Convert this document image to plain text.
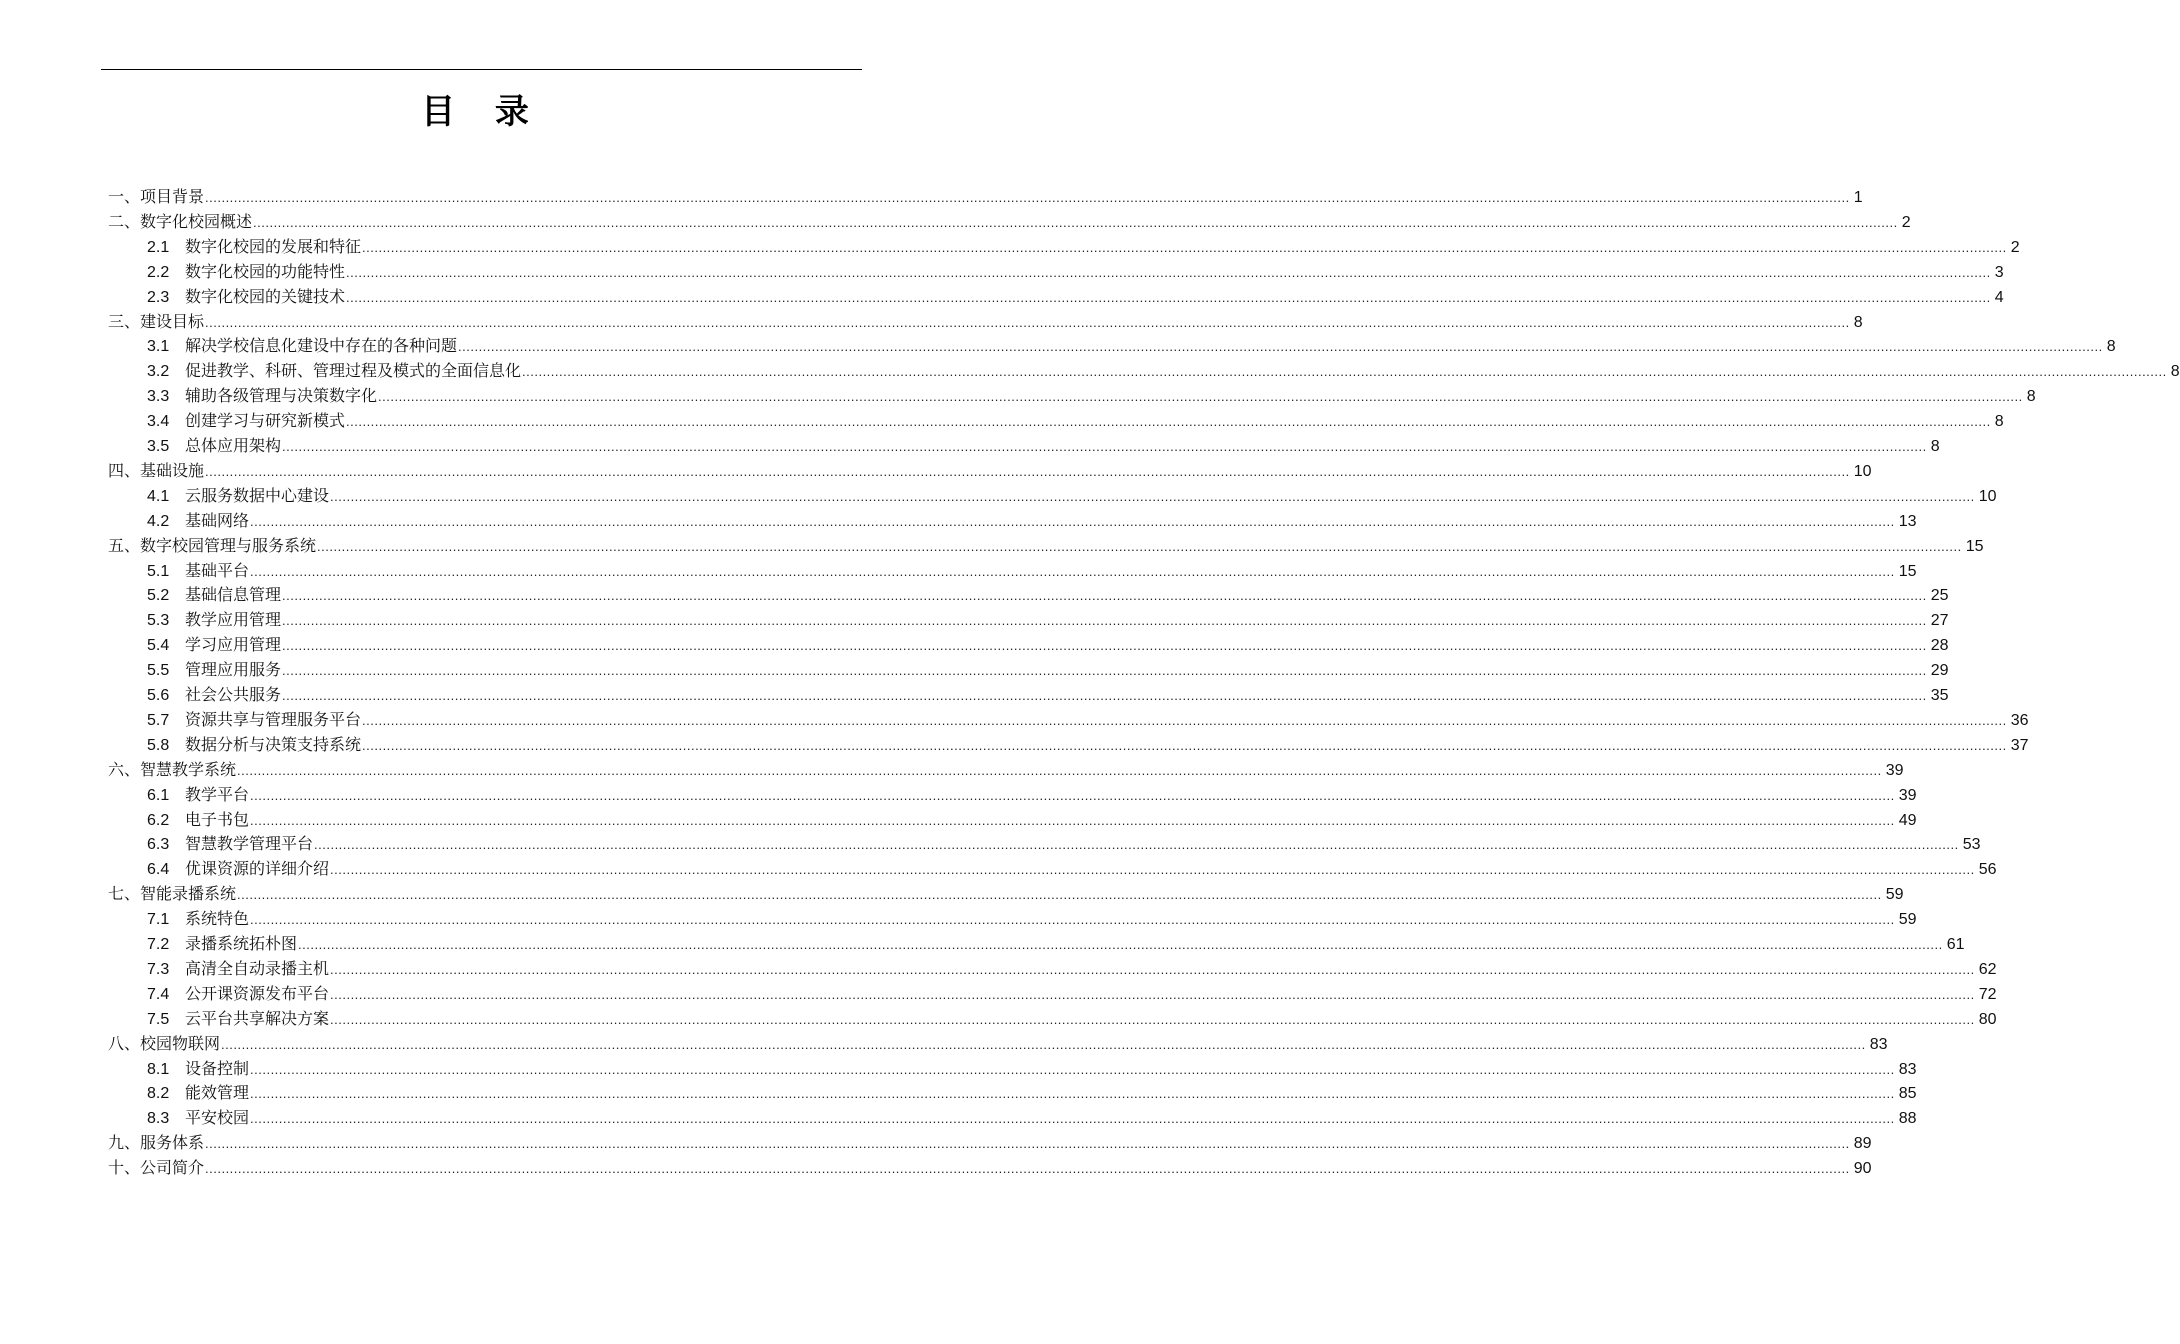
目 录
一、项目背景 ................................................................................................................................................................................................................................................................................................................................................................................................................ 1
二、数字化校园概述 ................................................................................................................................................................................................................................................................................................................................................................................................................ 2
2.1 数字化校园的发展和特征 ................................................................................................................................................................................................................................................................................................................................................................................................................ 2
2.2 数字化校园的功能特性 ................................................................................................................................................................................................................................................................................................................................................................................................................ 3
2.3 数字化校园的关键技术 ................................................................................................................................................................................................................................................................................................................................................................................................................ 4
三、建设目标 ................................................................................................................................................................................................................................................................................................................................................................................................................ 8
3.1 解决学校信息化建设中存在的各种问题 ................................................................................................................................................................................................................................................................................................................................................................................................................ 8
3.2 促进教学、科研、管理过程及模式的全面信息化 ................................................................................................................................................................................................................................................................................................................................................................................................................ 8
3.3 辅助各级管理与决策数字化 ................................................................................................................................................................................................................................................................................................................................................................................................................ 8
3.4 创建学习与研究新模式 ................................................................................................................................................................................................................................................................................................................................................................................................................ 8
3.5 总体应用架构 ................................................................................................................................................................................................................................................................................................................................................................................................................ 8
四、基础设施 ................................................................................................................................................................................................................................................................................................................................................................................................................ 10
4.1 云服务数据中心建设 ................................................................................................................................................................................................................................................................................................................................................................................................................ 10
4.2 基础网络 ................................................................................................................................................................................................................................................................................................................................................................................................................ 13
五、数字校园管理与服务系统 ................................................................................................................................................................................................................................................................................................................................................................................................................ 15
5.1 基础平台 ................................................................................................................................................................................................................................................................................................................................................................................................................ 15
5.2 基础信息管理 ................................................................................................................................................................................................................................................................................................................................................................................................................ 25
5.3 教学应用管理 ................................................................................................................................................................................................................................................................................................................................................................................................................ 27
5.4 学习应用管理 ................................................................................................................................................................................................................................................................................................................................................................................................................ 28
5.5 管理应用服务 ................................................................................................................................................................................................................................................................................................................................................................................................................ 29
5.6 社会公共服务 ................................................................................................................................................................................................................................................................................................................................................................................................................ 35
5.7 资源共享与管理服务平台 ................................................................................................................................................................................................................................................................................................................................................................................................................ 36
5.8 数据分析与决策支持系统 ................................................................................................................................................................................................................................................................................................................................................................................................................ 37
六、智慧教学系统 ................................................................................................................................................................................................................................................................................................................................................................................................................ 39
6.1 教学平台 ................................................................................................................................................................................................................................................................................................................................................................................................................ 39
6.2 电子书包 ................................................................................................................................................................................................................................................................................................................................................................................................................ 49
6.3 智慧教学管理平台 ................................................................................................................................................................................................................................................................................................................................................................................................................ 53
6.4 优课资源的详细介绍 ................................................................................................................................................................................................................................................................................................................................................................................................................ 56
七、智能录播系统 ................................................................................................................................................................................................................................................................................................................................................................................................................ 59
7.1 系统特色 ................................................................................................................................................................................................................................................................................................................................................................................................................ 59
7.2 录播系统拓朴图 ................................................................................................................................................................................................................................................................................................................................................................................................................ 61
7.3 高清全自动录播主机 ................................................................................................................................................................................................................................................................................................................................................................................................................ 62
7.4 公开课资源发布平台 ................................................................................................................................................................................................................................................................................................................................................................................................................ 72
7.5 云平台共享解决方案 ................................................................................................................................................................................................................................................................................................................................................................................................................ 80
八、校园物联网 ................................................................................................................................................................................................................................................................................................................................................................................................................ 83
8.1 设备控制 ................................................................................................................................................................................................................................................................................................................................................................................................................ 83
8.2 能效管理 ................................................................................................................................................................................................................................................................................................................................................................................................................ 85
8.3 平安校园 ................................................................................................................................................................................................................................................................................................................................................................................................................ 88
九、服务体系 ................................................................................................................................................................................................................................................................................................................................................................................................................ 89
十、公司简介 ................................................................................................................................................................................................................................................................................................................................................................................................................ 90
